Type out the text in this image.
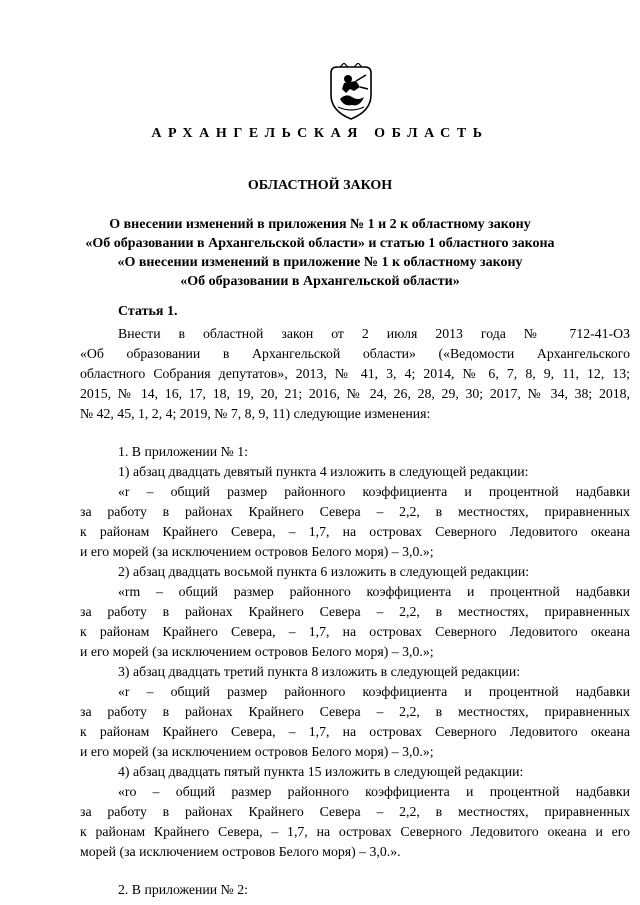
АРХАНГЕЛЬСКАЯ ОБЛАСТЬ
ОБЛАСТНОЙ ЗАКОН
О внесении изменений в приложения № 1 и 2 к областному закону
«Об образовании в Архангельской области» и статью 1 областного закона
«О внесении изменений в приложение № 1 к областному закону
«Об образовании в Архангельской области»
Статья 1.
Внести в областной закон от 2 июля 2013 года № 712-41-ОЗ
«Об образовании в Архангельской области» («Ведомости Архангельского
областного Собрания депутатов», 2013, № 41, 3, 4; 2014, № 6, 7, 8, 9, 11, 12, 13;
2015, № 14, 16, 17, 18, 19, 20, 21; 2016, № 24, 26, 28, 29, 30; 2017, № 34, 38; 2018,
№ 42, 45, 1, 2, 4; 2019, № 7, 8, 9, 11) следующие изменения:
1. В приложении № 1:
1) абзац двадцать девятый пункта 4 изложить в следующей редакции:
«r – общий размер районного коэффициента и процентной надбавки
за работу в районах Крайнего Севера – 2,2, в местностях, приравненных
к районам Крайнего Севера, – 1,7, на островах Северного Ледовитого океана
и его морей (за исключением островов Белого моря) – 3,0.»;
2) абзац двадцать восьмой пункта 6 изложить в следующей редакции:
«rm – общий размер районного коэффициента и процентной надбавки
за работу в районах Крайнего Севера – 2,2, в местностях, приравненных
к районам Крайнего Севера, – 1,7, на островах Северного Ледовитого океана
и его морей (за исключением островов Белого моря) – 3,0.»;
3) абзац двадцать третий пункта 8 изложить в следующей редакции:
«r – общий размер районного коэффициента и процентной надбавки
за работу в районах Крайнего Севера – 2,2, в местностях, приравненных
к районам Крайнего Севера, – 1,7, на островах Северного Ледовитого океана
и его морей (за исключением островов Белого моря) – 3,0.»;
4) абзац двадцать пятый пункта 15 изложить в следующей редакции:
«ro – общий размер районного коэффициента и процентной надбавки
за работу в районах Крайнего Севера – 2,2, в местностях, приравненных
к районам Крайнего Севера, – 1,7, на островах Северного Ледовитого океана и его
морей (за исключением островов Белого моря) – 3,0.».
2. В приложении № 2:
